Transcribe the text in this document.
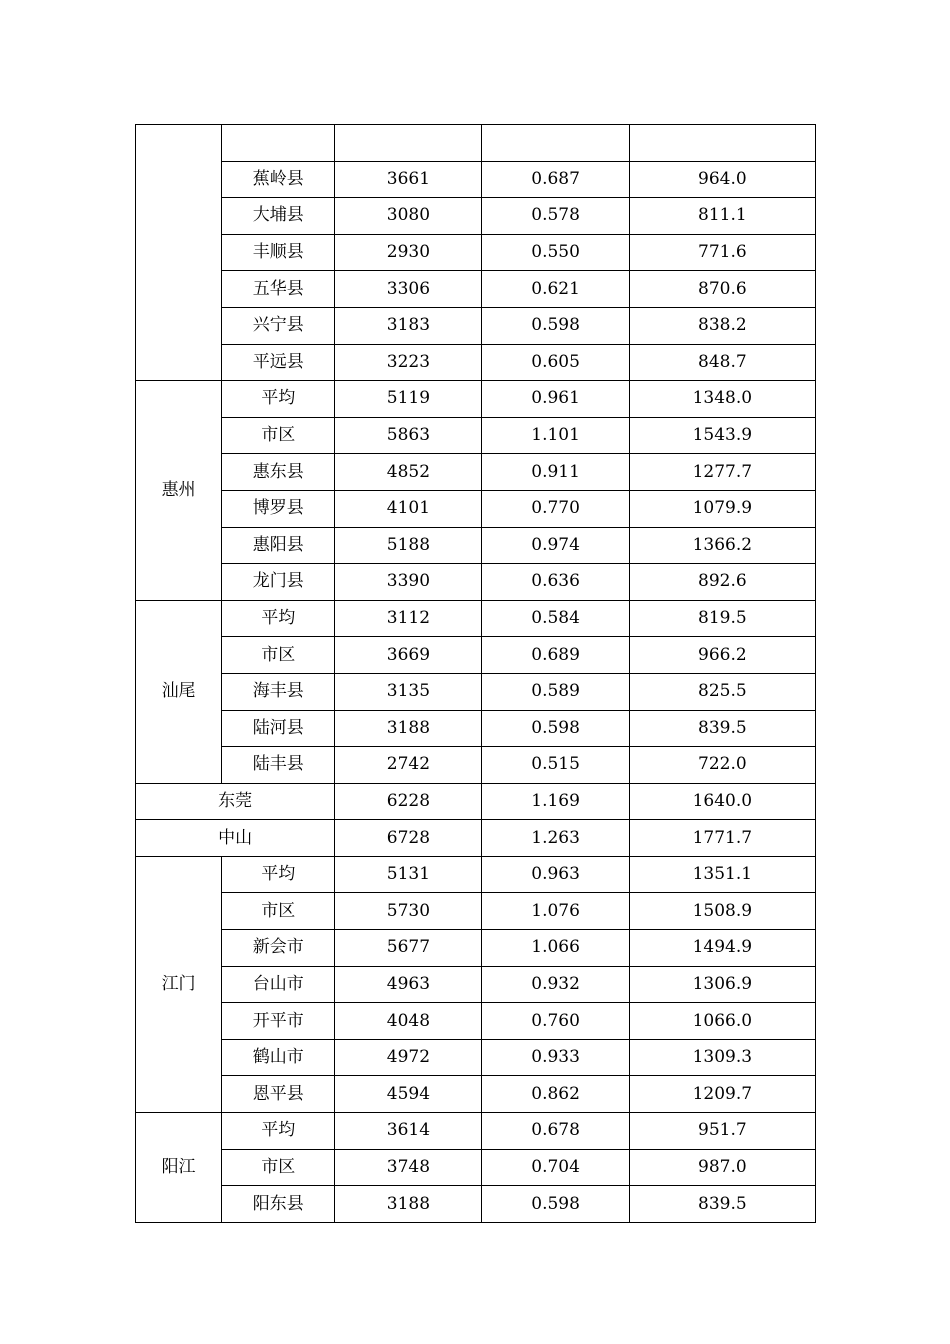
	蕉岭县	3661	0.687	964.0
	大埔县	3080	0.578	811.1
	丰顺县	2930	0.550	771.6
	五华县	3306	0.621	870.6
	兴宁县	3183	0.598	838.2
	平远县	3223	0.605	848.7
惠州	平均	5119	0.961	1348.0
	市区	5863	1.101	1543.9
	惠东县	4852	0.911	1277.7
	博罗县	4101	0.770	1079.9
	惠阳县	5188	0.974	1366.2
	龙门县	3390	0.636	892.6
汕尾	平均	3112	0.584	819.5
	市区	3669	0.689	966.2
	海丰县	3135	0.589	825.5
	陆河县	3188	0.598	839.5
	陆丰县	2742	0.515	722.0
东莞		6228	1.169	1640.0
中山		6728	1.263	1771.7
江门	平均	5131	0.963	1351.1
	市区	5730	1.076	1508.9
	新会市	5677	1.066	1494.9
	台山市	4963	0.932	1306.9
	开平市	4048	0.760	1066.0
	鹤山市	4972	0.933	1309.3
	恩平县	4594	0.862	1209.7
阳江	平均	3614	0.678	951.7
	市区	3748	0.704	987.0
	阳东县	3188	0.598	839.5
